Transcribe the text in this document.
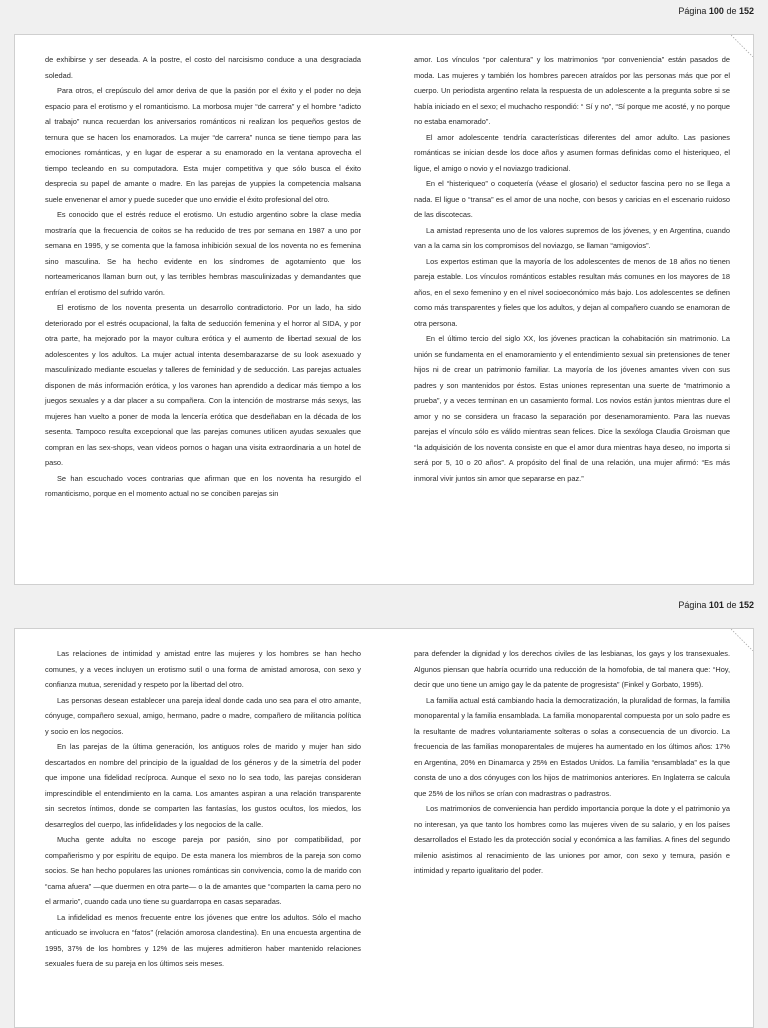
Página 100 de 152

de exhibirse y ser deseada. A la postre, el costo del narcisismo conduce a una desgraciada soledad.

Para otros, el crepúsculo del amor deriva de que la pasión por el éxito y el poder no deja espacio para el erotismo y el romanticismo. La morbosa mujer “de carrera” y el hombre “adicto al trabajo” nunca recuerdan los aniversarios románticos ni realizan los pequeños gestos de ternura que se hacen los enamorados. La mujer “de carrera” nunca se tiene tiempo para las emociones románticas, y en lugar de esperar a su enamorado en la ventana aprovecha el tiempo tecleando en su computadora. Esta mujer competitiva y que sólo busca el éxito desprecia su papel de amante o madre. En las parejas de yuppies la competencia malsana suele envenenar el amor y puede suceder que uno envidie el éxito profesional del otro.

Es conocido que el estrés reduce el erotismo. Un estudio argentino sobre la clase media mostraría que la frecuencia de coitos se ha reducido de tres por semana en 1987 a uno por semana en 1995, y se comenta que la famosa inhibición sexual de los noventa no es femenina sino masculina. Se ha hecho evidente en los síndromes de agotamiento que los norteamericanos llaman burn out, y las terribles hembras masculinizadas y demandantes que enfrían el erotismo del sufrido varón.

El erotismo de los noventa presenta un desarrollo contradictorio. Por un lado, ha sido deteriorado por el estrés ocupacional, la falta de seducción femenina y el horror al SIDA, y por otra parte, ha mejorado por la mayor cultura erótica y el aumento de libertad sexual de los adolescentes y los adultos. La mujer actual intenta desembarazarse de su look asexuado y masculinizado mediante escuelas y talleres de feminidad y de seducción. Las parejas actuales disponen de más información erótica, y los varones han aprendido a dedicar más tiempo a los juegos sexuales y a dar placer a su compañera. Con la intención de mostrarse más sexys, las mujeres han vuelto a poner de moda la lencería erótica que desdeñaban en la década de los sesenta. Tampoco resulta excepcional que las parejas comunes utilicen ayudas sexuales que compran en las sex-shops, vean videos pornos o hagan una visita extraordinaria a un hotel de paso.

Se han escuchado voces contrarias que afirman que en los noventa ha resurgido el romanticismo, porque en el momento actual no se conciben parejas sin

amor. Los vínculos “por calentura” y los matrimonios “por conveniencia” están pasados de moda. Las mujeres y también los hombres parecen atraídos por las personas más que por el cuerpo. Un periodista argentino relata la respuesta de un adolescente a la pregunta sobre si se había iniciado en el sexo; el muchacho respondió: “ Sí y no”, “Sí porque me acosté, y no porque no estaba enamorado”.

El amor adolescente tendría características diferentes del amor adulto. Las pasiones románticas se inician desde los doce años y asumen formas definidas como el histeriqueo, el ligue, el amigo o novio y el noviazgo tradicional.

En el “histeriqueo” o coquetería (véase el glosario) el seductor fascina pero no se llega a nada. El ligue o “transa” es el amor de una noche, con besos y caricias en el escenario ruidoso de las discotecas.

La amistad representa uno de los valores supremos de los jóvenes, y en Argentina, cuando van a la cama sin los compromisos del noviazgo, se llaman “amigovios”.

Los expertos estiman que la mayoría de los adolescentes de menos de 18 años no tienen pareja estable. Los vínculos románticos estables resultan más comunes en los mayores de 18 años, en el sexo femenino y en el nivel socioeconómico más bajo. Los adolescentes se definen como más transparentes y fieles que los adultos, y dejan al compañero cuando se enamoran de otra persona.

En el último tercio del siglo XX, los jóvenes practican la cohabitación sin matrimonio. La unión se fundamenta en el enamoramiento y el entendimiento sexual sin pretensiones de tener hijos ni de crear un patrimonio familiar. La mayoría de los jóvenes amantes viven con sus padres y son mantenidos por éstos. Estas uniones representan una suerte de “matrimonio a prueba”, y a veces terminan en un casamiento formal. Los novios están juntos mientras dure el amor y no se considera un fracaso la separación por desenamoramiento. Para las nuevas parejas el vínculo sólo es válido mientras sean felices. Dice la sexóloga Claudia Groisman que “la adquisición de los noventa consiste en que el amor dura mientras haya deseo, no importa si será por 5, 10 o 20 años”. A propósito del final de una relación, una mujer afirmó: “Es más inmoral vivir juntos sin amor que separarse en paz.”

Página 101 de 152

Las relaciones de intimidad y amistad entre las mujeres y los hombres se han hecho comunes, y a veces incluyen un erotismo sutil o una forma de amistad amorosa, con sexo y confianza mutua, serenidad y respeto por la libertad del otro.

Las personas desean establecer una pareja ideal donde cada uno sea para el otro amante, cónyuge, compañero sexual, amigo, hermano, padre o madre, compañero de militancia política y socio en los negocios.

En las parejas de la última generación, los antiguos roles de marido y mujer han sido descartados en nombre del principio de la igualdad de los géneros y de la simetría del poder que impone una fidelidad recíproca. Aunque el sexo no lo sea todo, las parejas consideran imprescindible el entendimiento en la cama. Los amantes aspiran a una relación transparente sin secretos íntimos, donde se comparten las fantasías, los gustos ocultos, los miedos, los desarreglos del cuerpo, las infidelidades y los negocios de la calle.

Mucha gente adulta no escoge pareja por pasión, sino por compatibilidad, por compañerismo y por espíritu de equipo. De esta manera los miembros de la pareja son como socios. Se han hecho populares las uniones románticas sin convivencia, como la de marido con “cama afuera” —que duermen en otra parte— o la de amantes que “comparten la cama pero no el armario”, cuando cada uno tiene su guardarropa en casas separadas.

La infidelidad es menos frecuente entre los jóvenes que entre los adultos. Sólo el macho anticuado se involucra en “fatos” (relación amorosa clandestina). En una encuesta argentina de 1995, 37% de los hombres y 12% de las mujeres admitieron haber mantenido relaciones sexuales fuera de su pareja en los últimos seis meses.

para defender la dignidad y los derechos civiles de las lesbianas, los gays y los transexuales. Algunos piensan que habría ocurrido una reducción de la homofobia, de tal manera que: “Hoy, decir que uno tiene un amigo gay le da patente de progresista” (Finkel y Gorbato, 1995).

La familia actual está cambiando hacia la democratización, la pluralidad de formas, la familia monoparental y la familia ensamblada. La familia monoparental compuesta por un solo padre es la resultante de madres voluntariamente solteras o solas a consecuencia de un divorcio. La frecuencia de las familias monoparentales de mujeres ha aumentado en los últimos años: 17% en Argentina, 20% en Dinamarca y 25% en Estados Unidos. La familia “ensamblada” es la que consta de uno a dos cónyuges con los hijos de matrimonios anteriores. En Inglaterra se calcula que 25% de los niños se crían con madrastras o padrastros.

Los matrimonios de conveniencia han perdido importancia porque la dote y el patrimonio ya no interesan, ya que tanto los hombres como las mujeres viven de su salario, y en los países desarrollados el Estado les da protección social y económica a las familias. A fines del segundo milenio asistimos al renacimiento de las uniones por amor, con sexo y ternura, pasión e intimidad y reparto igualitario del poder.
